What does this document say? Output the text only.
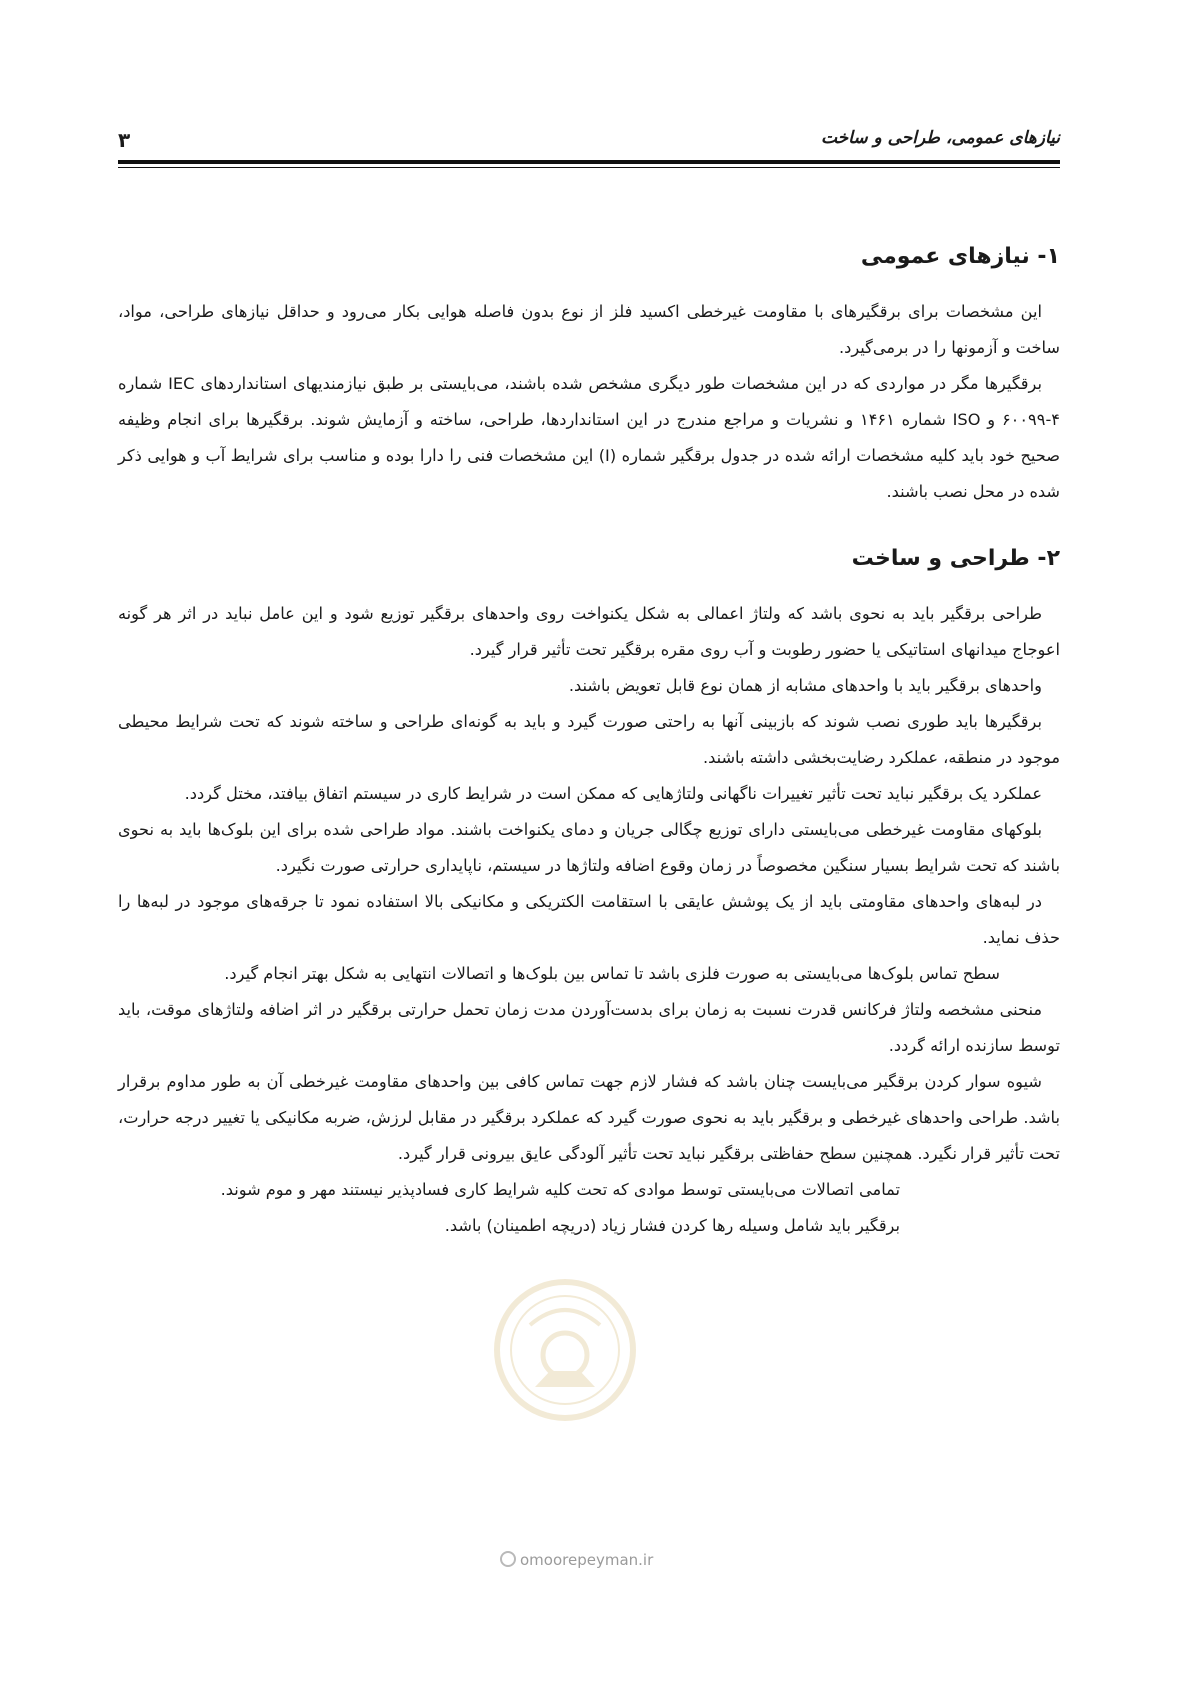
نیازهای عمومی، طراحی و ساخت
۳
۱- نیازهای عمومی

این مشخصات برای برقگیرهای با مقاومت غیرخطی اکسید فلز از نوع بدون فاصله هوایی بکار می‌رود و حداقل نیازهای طراحی، مواد، ساخت و آزمونها را در برمی‌گیرد.

برقگیرها مگر در مواردی که در این مشخصات طور دیگری مشخص شده باشند، می‌بایستی بر طبق نیازمندیهای استانداردهای IEC شماره ۴-۶۰۰۹۹ و ISO شماره ۱۴۶۱ و نشریات و مراجع مندرج در این استانداردها، طراحی، ساخته و آزمایش شوند. برقگیرها برای انجام وظیفه صحیح خود باید کلیه مشخصات ارائه شده در جدول برقگیر شماره (I) این مشخصات فنی را دارا بوده و مناسب برای شرایط آب و هوایی ذکر شده در محل نصب باشند.

۲- طراحی و ساخت

طراحی برقگیر باید به نحوی باشد که ولتاژ اعمالی به شکل یکنواخت روی واحدهای برقگیر توزیع شود و این عامل نباید در اثر هر گونه اعوجاج میدانهای استاتیکی یا حضور رطوبت و آب روی مقره برقگیر تحت تأثیر قرار گیرد.

واحدهای برقگیر باید با واحدهای مشابه از همان نوع قابل تعویض باشند.

برقگیرها باید طوری نصب شوند که بازبینی آنها به راحتی صورت گیرد و باید به گونه‌ای طراحی و ساخته شوند که تحت شرایط محیطی موجود در منطقه، عملکرد رضایت‌بخشی داشته باشند.

عملکرد یک برقگیر نباید تحت تأثیر تغییرات ناگهانی ولتاژهایی که ممکن است در شرایط کاری در سیستم اتفاق بیافتد، مختل گردد.

بلوکهای مقاومت غیرخطی می‌بایستی دارای توزیع چگالی جریان و دمای یکنواخت باشند. مواد طراحی شده برای این بلوک‌ها باید به نحوی باشند که تحت شرایط بسیار سنگین مخصوصاً در زمان وقوع اضافه ولتاژها در سیستم، ناپایداری حرارتی صورت نگیرد.

در لبه‌های واحدهای مقاومتی باید از یک پوشش عایقی با استقامت الکتریکی و مکانیکی بالا استفاده نمود تا جرقه‌های موجود در لبه‌ها را حذف نماید.

سطح تماس بلوک‌ها می‌بایستی به صورت فلزی باشد تا تماس بین بلوک‌ها و اتصالات انتهایی به شکل بهتر انجام گیرد.

منحنی مشخصه ولتاژ فرکانس قدرت نسبت به زمان برای بدست‌آوردن مدت زمان تحمل حرارتی برقگیر در اثر اضافه ولتاژهای موقت، باید توسط سازنده ارائه گردد.

شیوه سوار کردن برقگیر می‌بایست چنان باشد که فشار لازم جهت تماس کافی بین واحدهای مقاومت غیرخطی آن به طور مداوم برقرار باشد. طراحی واحدهای غیرخطی و برقگیر باید به نحوی صورت گیرد که عملکرد برقگیر در مقابل لرزش، ضربه مکانیکی یا تغییر درجه حرارت، تحت تأثیر قرار نگیرد. همچنین سطح حفاظتی برقگیر نباید تحت تأثیر آلودگی عایق بیرونی قرار گیرد.

تمامی اتصالات می‌بایستی توسط موادی که تحت کلیه شرایط کاری فسادپذیر نیستند مهر و موم شوند.

برقگیر باید شامل وسیله رها کردن فشار زیاد (دریچه اطمینان) باشد.

omoorepeyman.ir
